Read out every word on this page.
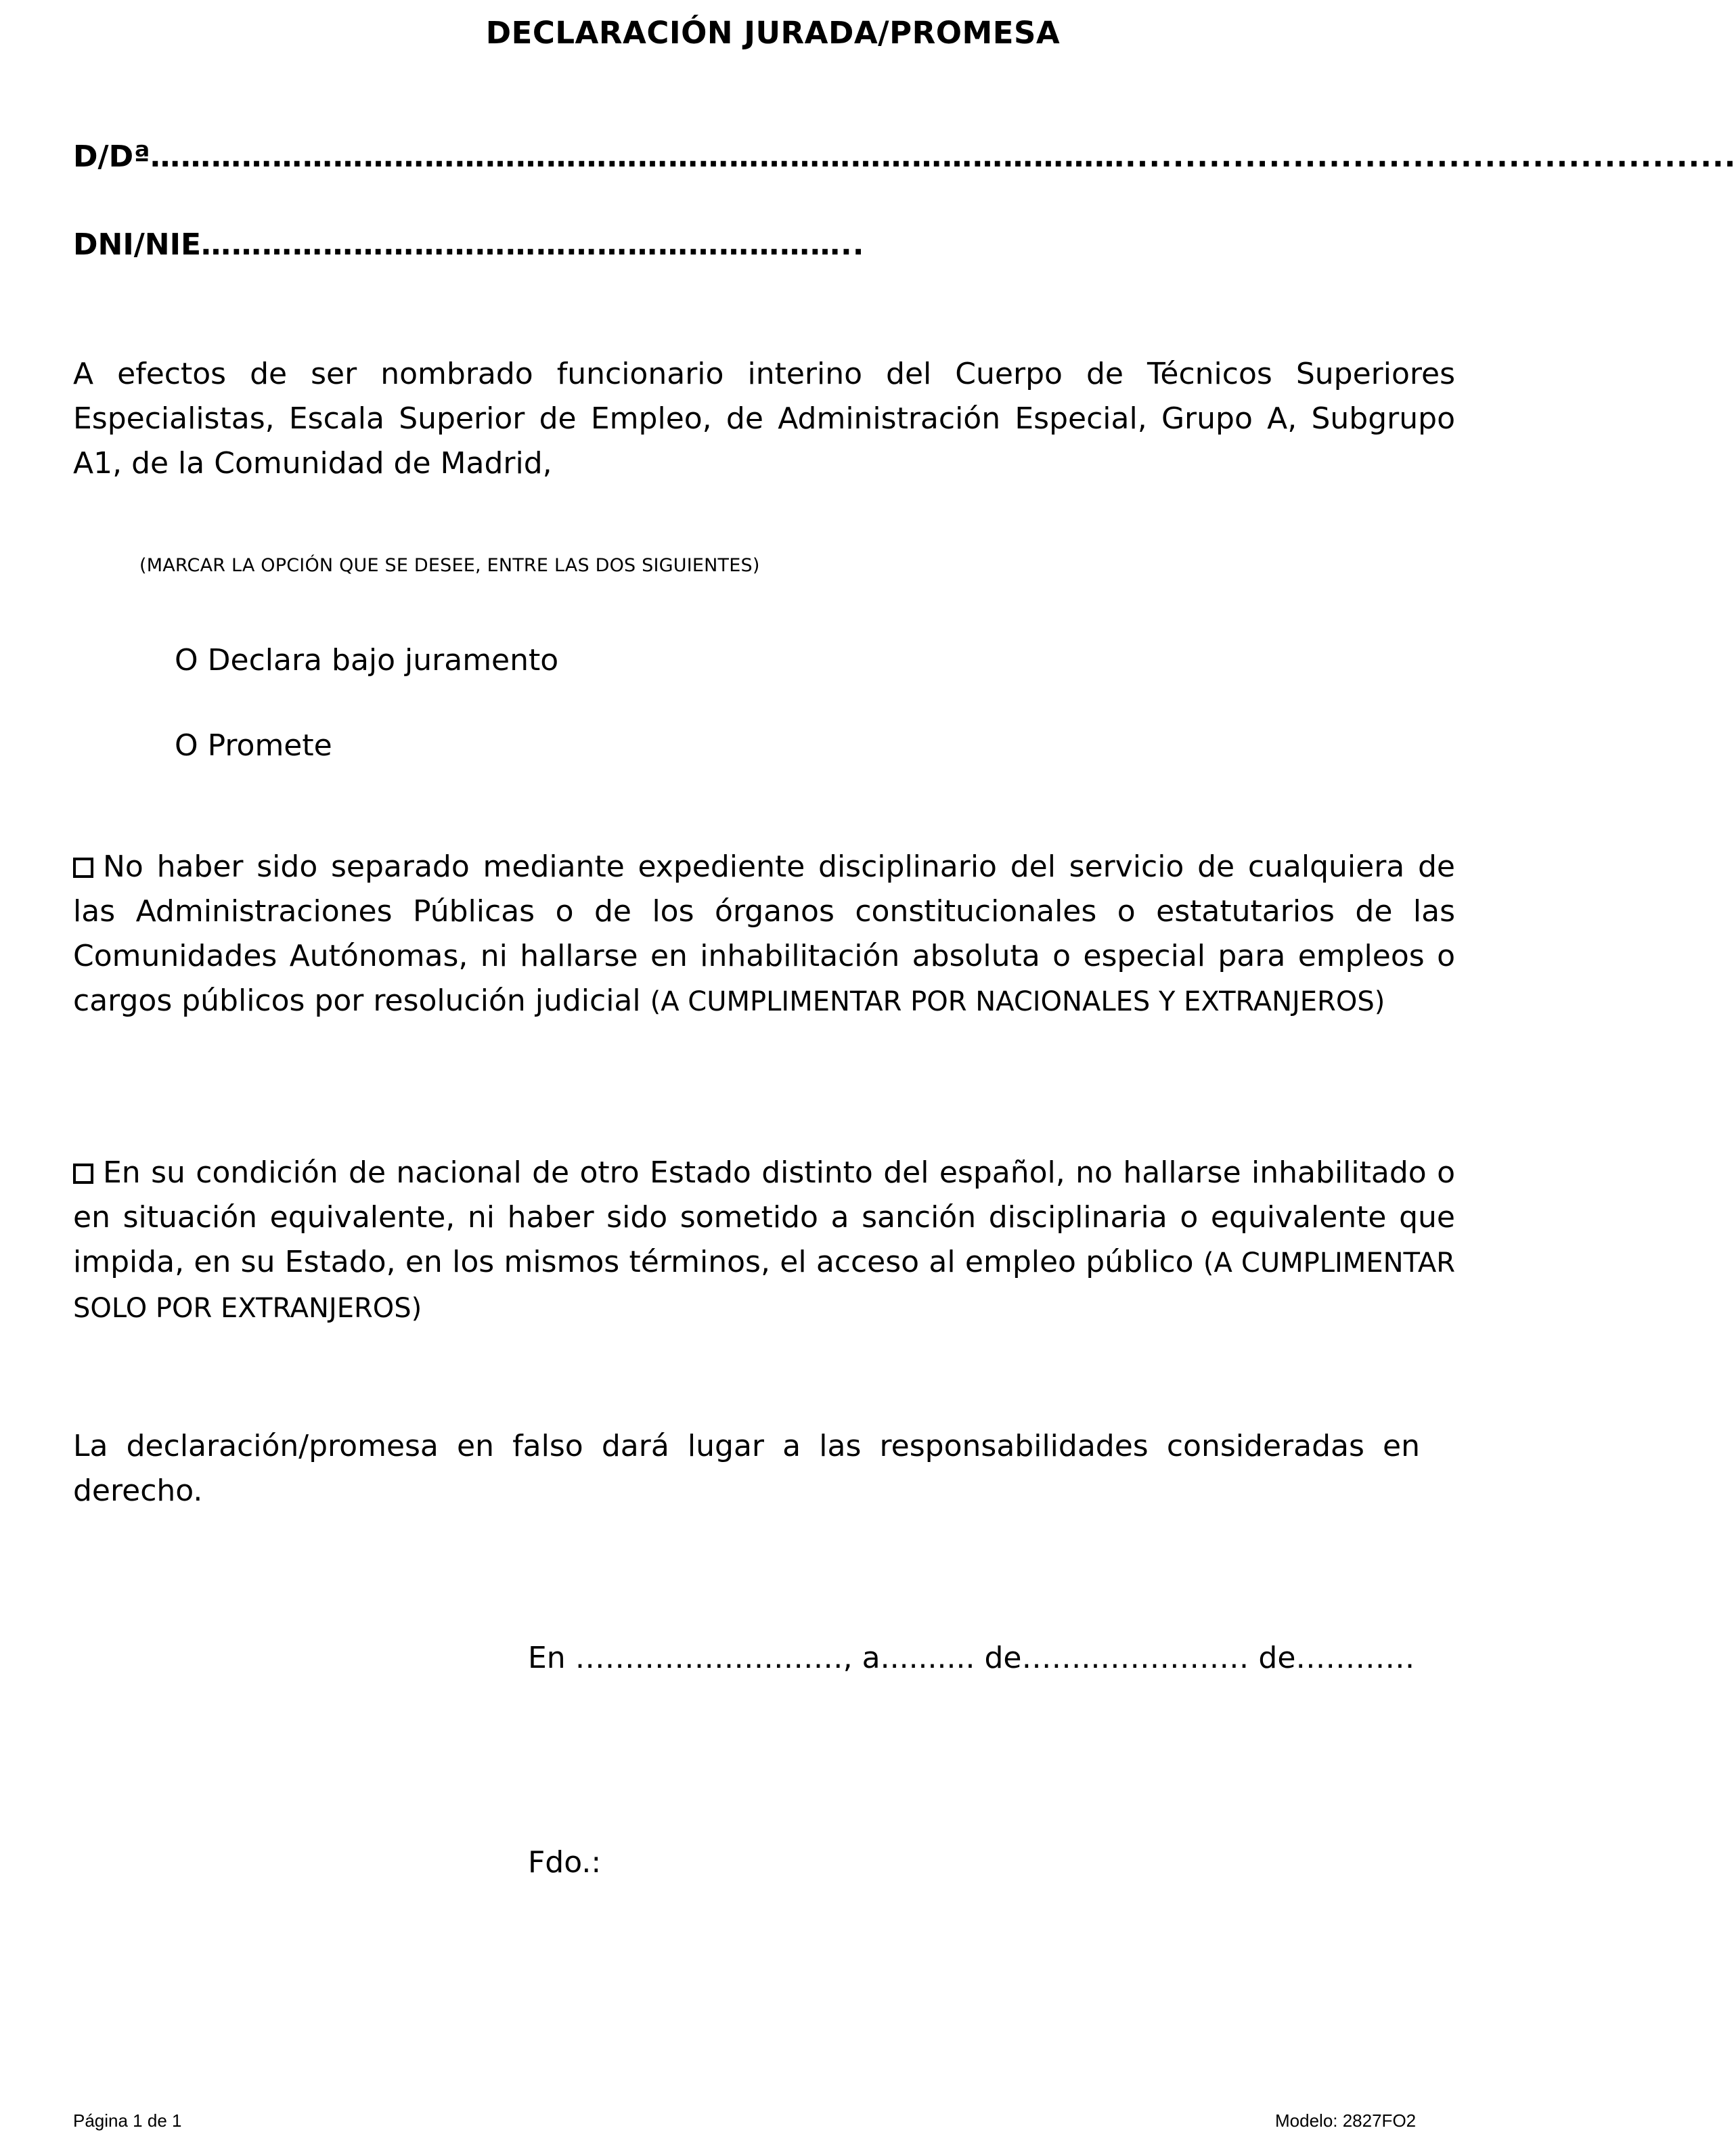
DECLARACIÓN JURADA/PROMESA
D/Dª……………………………………………………………………………………...................................................
DNI/NIE………………………………………………………..
A efectos de ser nombrado funcionario interino del Cuerpo de Técnicos Superiores Especialistas, Escala Superior de Empleo, de Administración Especial, Grupo A, Subgrupo A1, de la Comunidad de Madrid,
(MARCAR LA OPCIÓN QUE SE DESEE, ENTRE LAS DOS SIGUIENTES)
O Declara bajo juramento
O Promete
No haber sido separado mediante expediente disciplinario del servicio de cualquiera de las Administraciones Públicas o de los órganos constitucionales o estatutarios de las Comunidades Autónomas, ni hallarse en inhabilitación absoluta o especial para empleos o cargos públicos por resolución judicial (A CUMPLIMENTAR POR NACIONALES Y EXTRANJEROS)
En su condición de nacional de otro Estado distinto del español, no hallarse inhabilitado o en situación equivalente, ni haber sido sometido a sanción disciplinaria o equivalente que impida, en su Estado, en los mismos términos, el acceso al empleo público (A CUMPLIMENTAR SOLO POR EXTRANJEROS)
La declaración/promesa en falso dará lugar a las responsabilidades consideradas en derecho.
En ………………………, a.......... de……..…………… de…………
Fdo.:
Página 1 de 1	Modelo: 2827FO2
